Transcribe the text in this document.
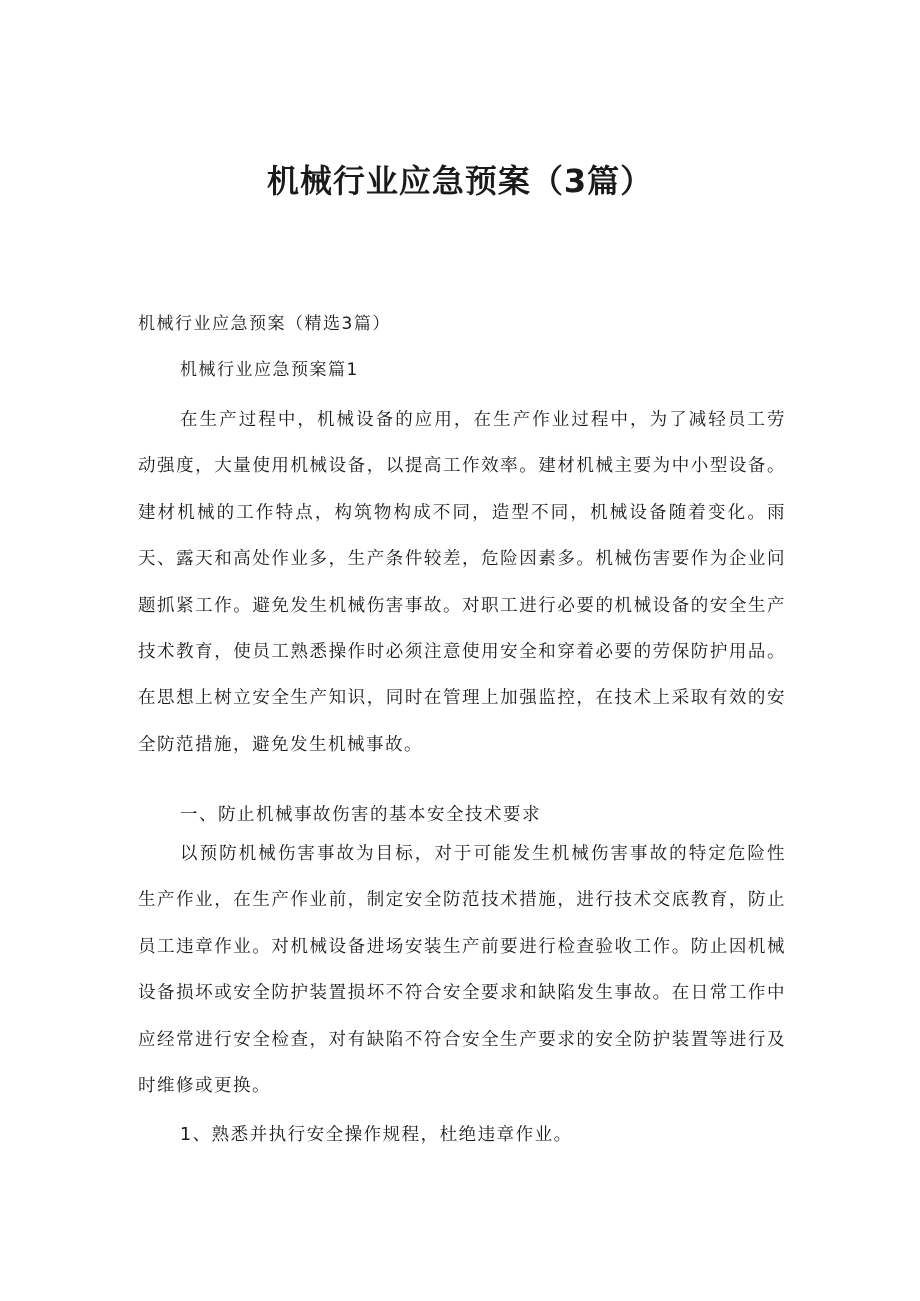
机械行业应急预案（3篇）

机械行业应急预案（精选3篇）

机械行业应急预案篇1

在生产过程中，机械设备的应用，在生产作业过程中，为了减轻员工劳动强度，大量使用机械设备，以提高工作效率。建材机械主要为中小型设备。建材机械的工作特点，构筑物构成不同，造型不同，机械设备随着变化。雨天、露天和高处作业多，生产条件较差，危险因素多。机械伤害要作为企业问题抓紧工作。避免发生机械伤害事故。对职工进行必要的机械设备的安全生产技术教育，使员工熟悉操作时必须注意使用安全和穿着必要的劳保防护用品。在思想上树立安全生产知识，同时在管理上加强监控，在技术上采取有效的安全防范措施，避免发生机械事故。

一、防止机械事故伤害的基本安全技术要求

以预防机械伤害事故为目标，对于可能发生机械伤害事故的特定危险性生产作业，在生产作业前，制定安全防范技术措施，进行技术交底教育，防止员工违章作业。对机械设备进场安装生产前要进行检查验收工作。防止因机械设备损坏或安全防护装置损坏不符合安全要求和缺陷发生事故。在日常工作中应经常进行安全检查，对有缺陷不符合安全生产要求的安全防护装置等进行及时维修或更换。

1、熟悉并执行安全操作规程，杜绝违章作业。
